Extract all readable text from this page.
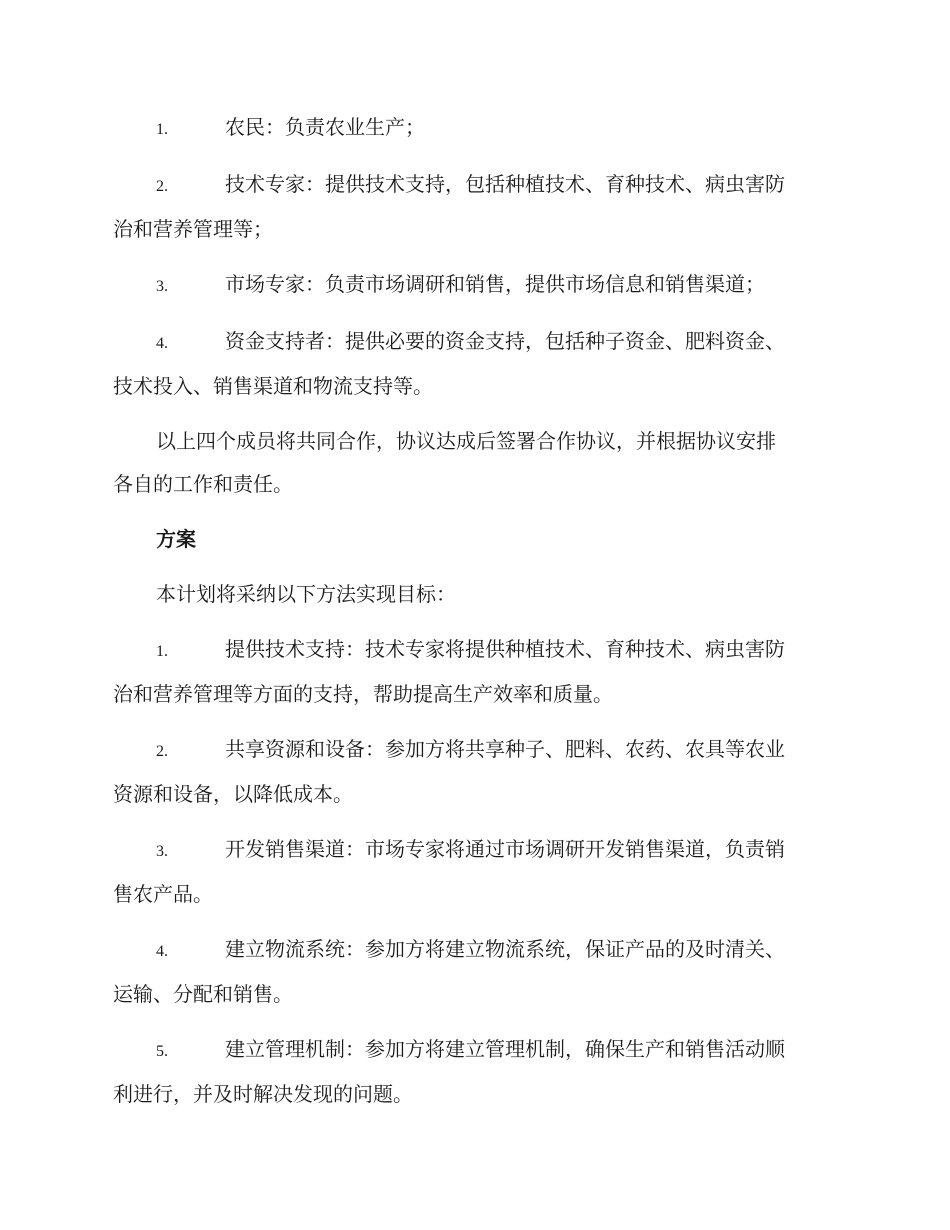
1.	农民：负责农业生产；
2.	技术专家：提供技术支持，包括种植技术、育种技术、病虫害防
治和营养管理等；
3.	市场专家：负责市场调研和销售，提供市场信息和销售渠道；
4.	资金支持者：提供必要的资金支持，包括种子资金、肥料资金、
技术投入、销售渠道和物流支持等。
以上四个成员将共同合作，协议达成后签署合作协议，并根据协议安排
各自的工作和责任。
方案
本计划将采纳以下方法实现目标：
1.	提供技术支持：技术专家将提供种植技术、育种技术、病虫害防
治和营养管理等方面的支持，帮助提高生产效率和质量。
2.	共享资源和设备：参加方将共享种子、肥料、农药、农具等农业
资源和设备，以降低成本。
3.	开发销售渠道：市场专家将通过市场调研开发销售渠道，负责销
售农产品。
4.	建立物流系统：参加方将建立物流系统，保证产品的及时清关、
运输、分配和销售。
5.	建立管理机制：参加方将建立管理机制，确保生产和销售活动顺
利进行，并及时解决发现的问题。
